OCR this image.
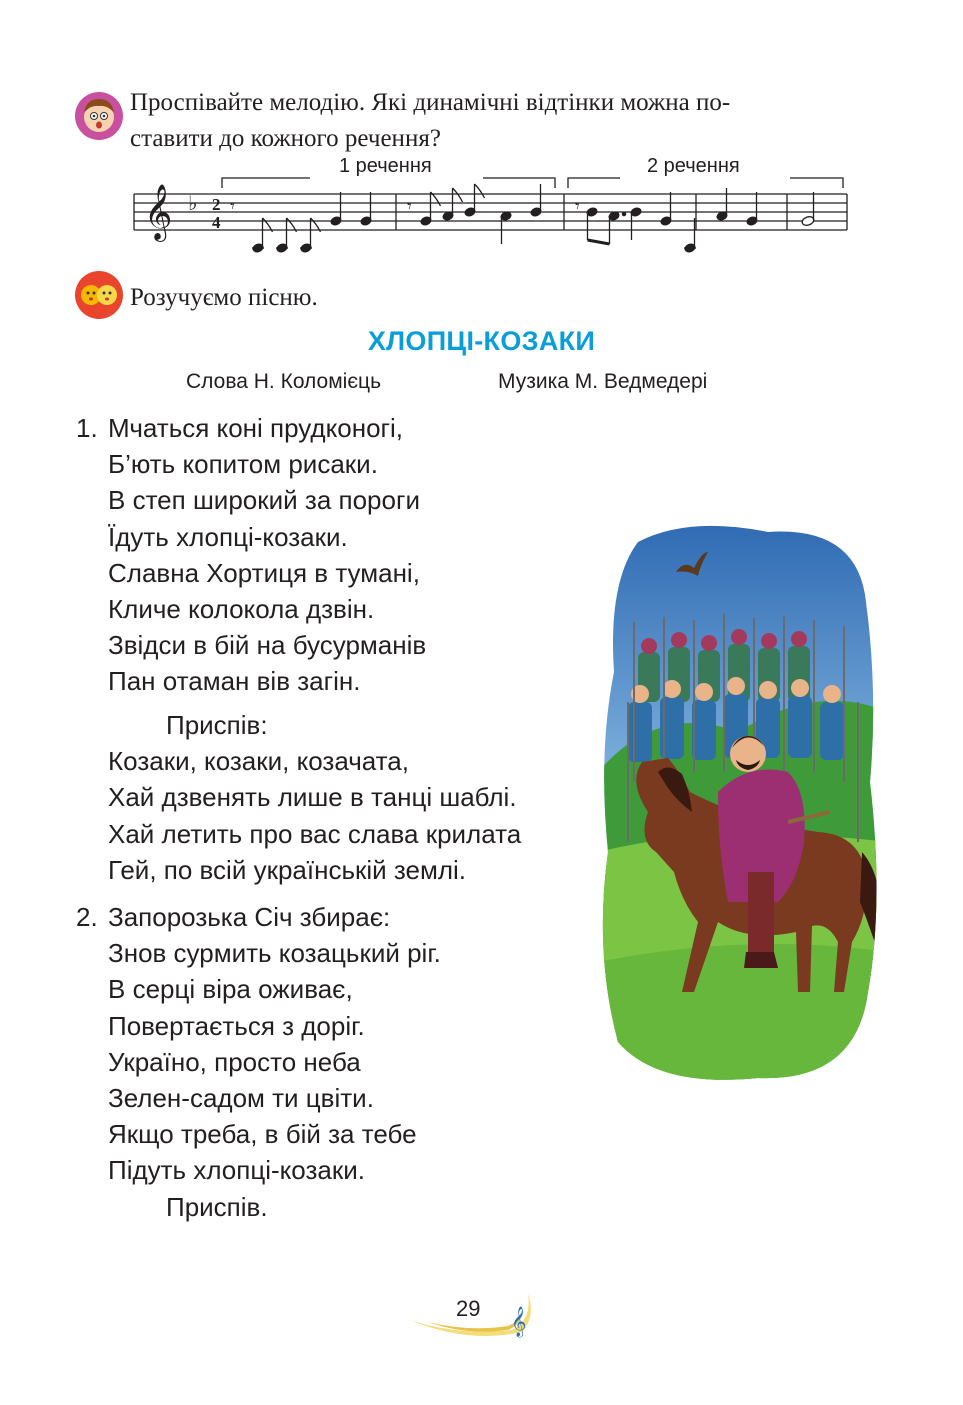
Проспівайте мелодію. Які динамічні відтінки можна по-
ставити до кожного речення?
𝄞 ♭ 2
4
𝄾	𝄾	𝄾
1 речення	2 речення
Розучуємо пісню.
ХЛОПЦІ-КОЗАКИ
Слова Н. Коломієць	Музика М. Ведмедері
1. Мчаться коні прудконогі,
Б’ють копитом рисаки.
В степ широкий за пороги
Їдуть хлопці-козаки.
Славна Хортиця в тумані,
Кличе колокола дзвін.
Звідси в бій на бусурманів
Пан отаман вів загін.
Приспів:
Козаки, козаки, козачата,
Хай дзвенять лише в танці шаблі.
Хай летить про вас слава крилата
Гей, по всій українській землі.
2. Запорозька Січ збирає:
Знов сурмить козацький ріг.
В серці віра оживає,
Повертається з доріг.
Україно, просто неба
Зелен-садом ти цвіти.
Якщо треба, в бій за тебе
Підуть хлопці-козаки.
Приспів.
𝄞
29
